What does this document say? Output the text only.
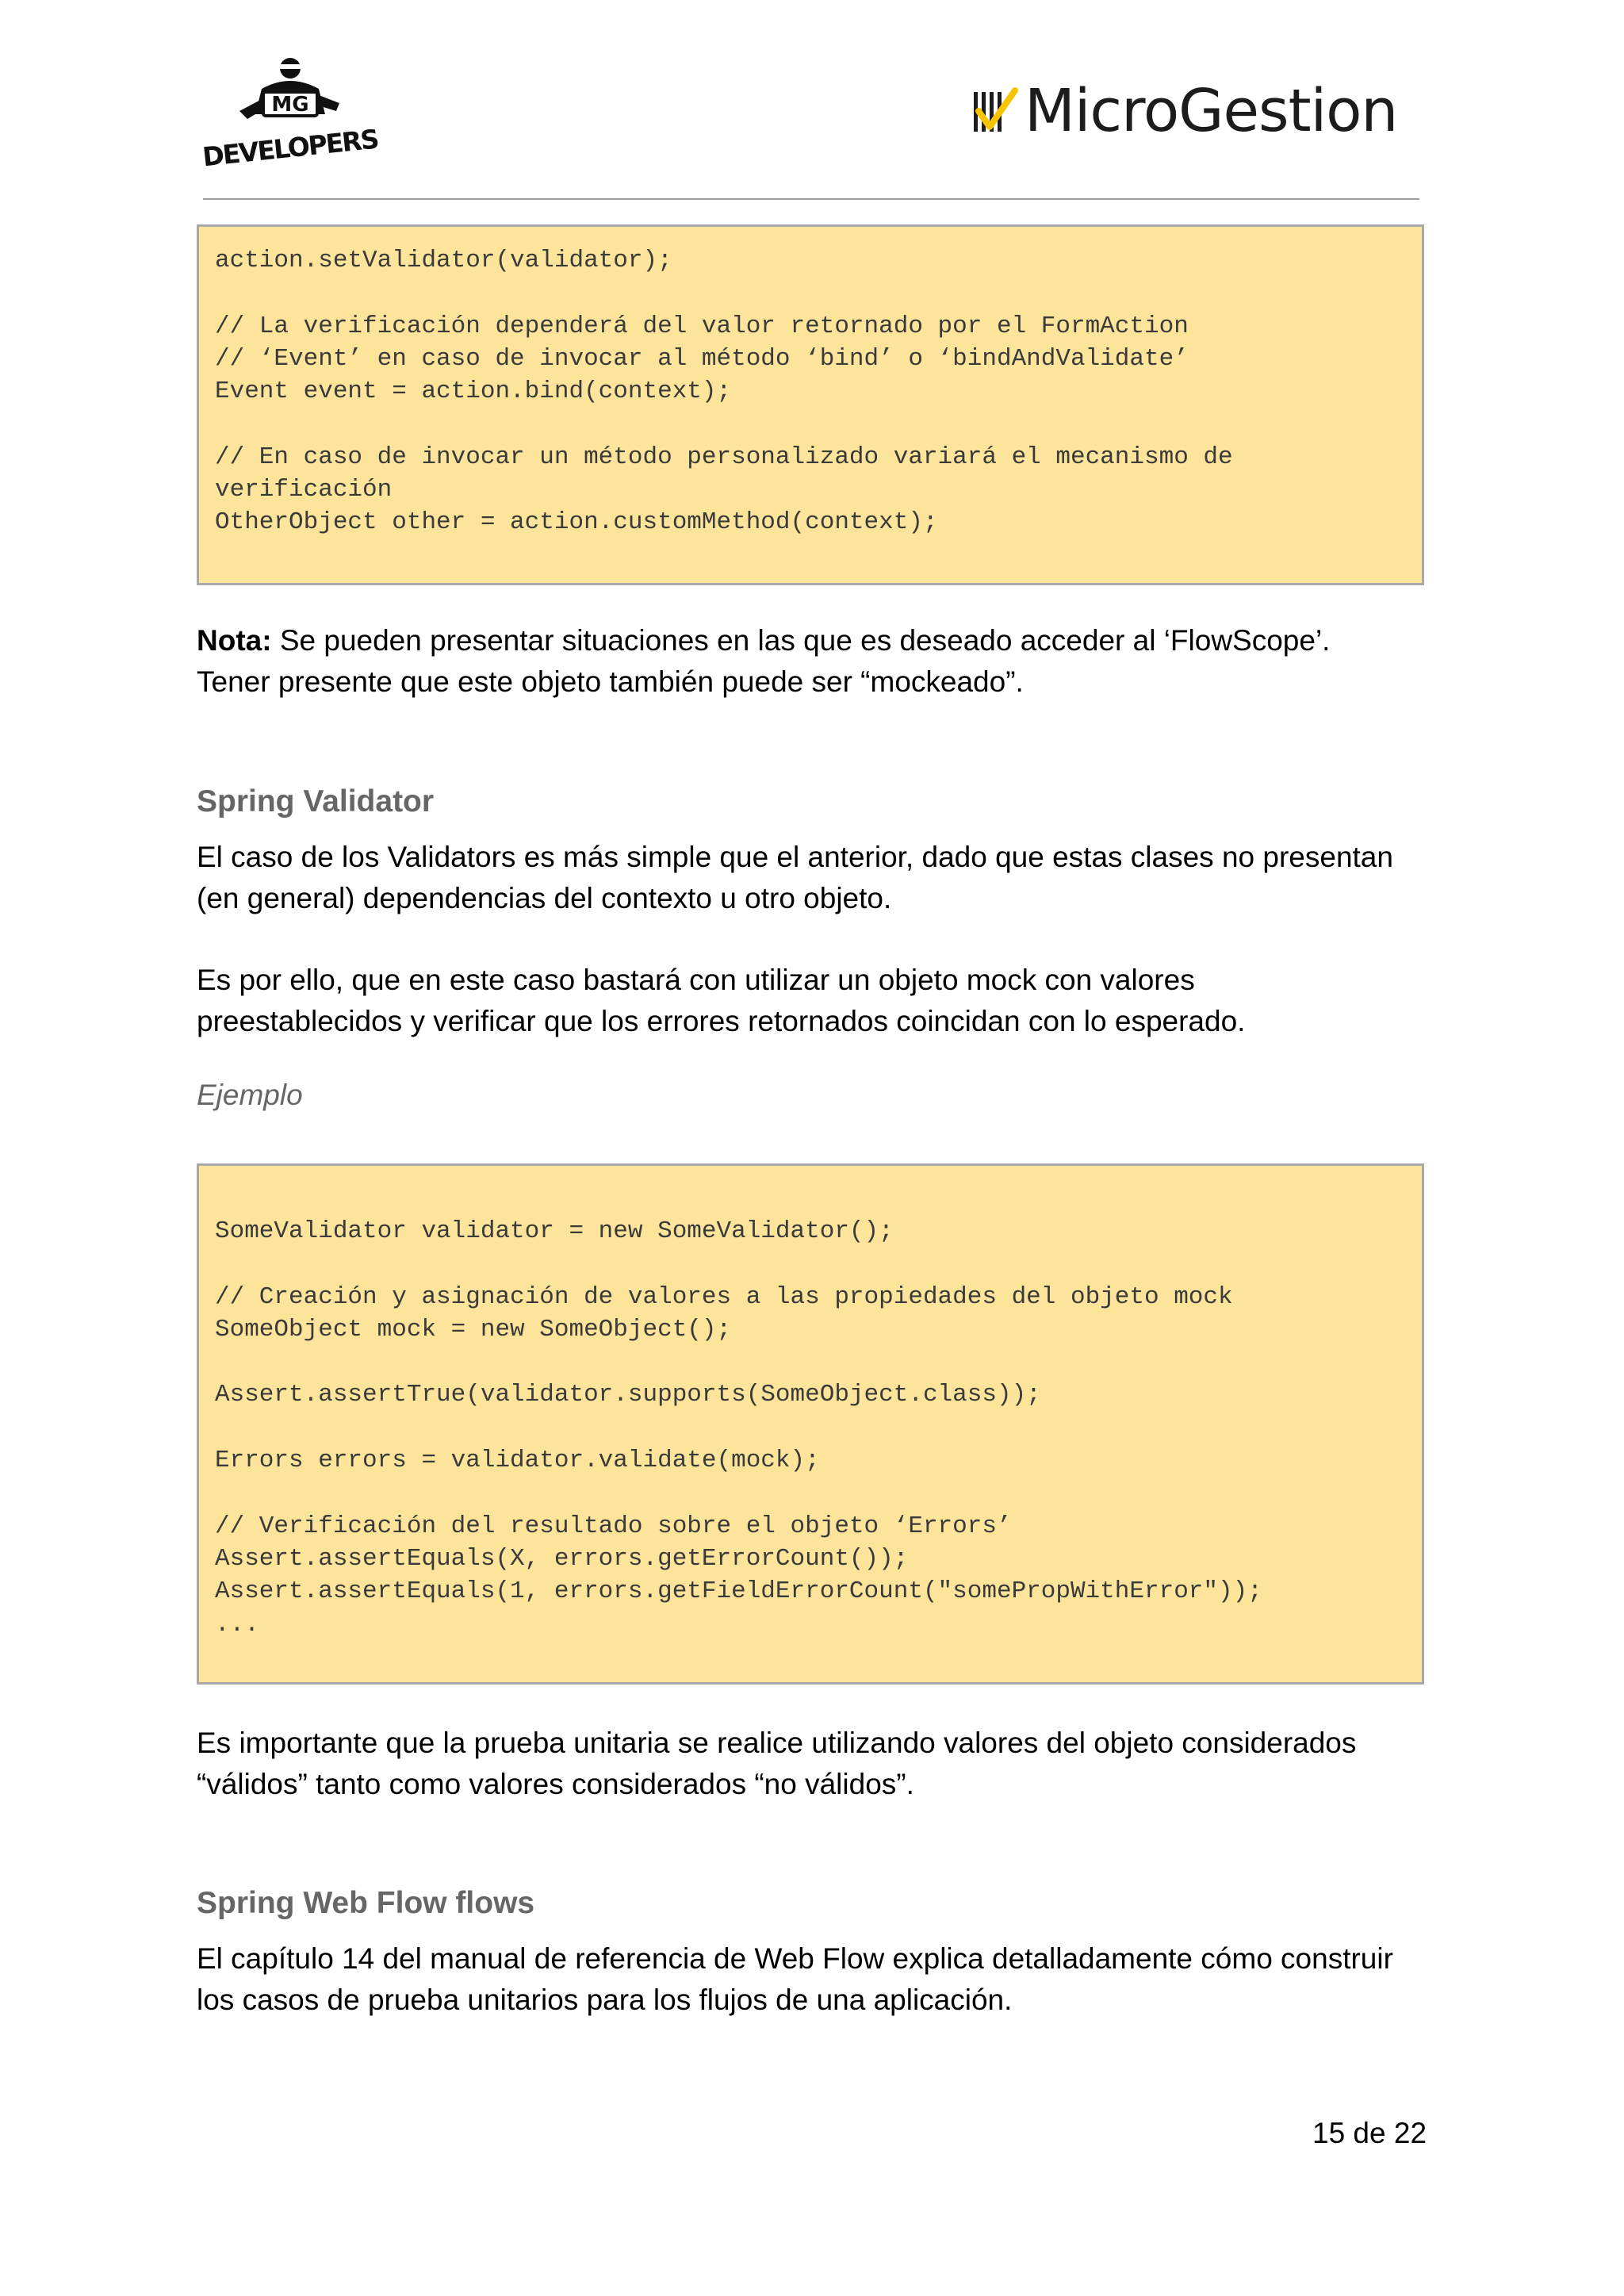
MG
DEVELOPERS
MicroGestion
action.setValidator(validator);
// La verificación dependerá del valor retornado por el FormAction
// ‘Event’ en caso de invocar al método ‘bind’ o ‘bindAndValidate’
Event event = action.bind(context);
// En caso de invocar un método personalizado variará el mecanismo de
verificación
OtherObject other = action.customMethod(context);
Nota: Se pueden presentar situaciones en las que es deseado acceder al ‘FlowScope’.
Tener presente que este objeto también puede ser “mockeado”.
Spring Validator
El caso de los Validators es más simple que el anterior, dado que estas clases no presentan
(en general) dependencias del contexto u otro objeto.
Es por ello, que en este caso bastará con utilizar un objeto mock con valores
preestablecidos y verificar que los errores retornados coincidan con lo esperado.
Ejemplo
SomeValidator validator = new SomeValidator();
// Creación y asignación de valores a las propiedades del objeto mock
SomeObject mock = new SomeObject();
Assert.assertTrue(validator.supports(SomeObject.class));
Errors errors = validator.validate(mock);
// Verificación del resultado sobre el objeto ‘Errors’
Assert.assertEquals(X, errors.getErrorCount());
Assert.assertEquals(1, errors.getFieldErrorCount("somePropWithError"));
...
Es importante que la prueba unitaria se realice utilizando valores del objeto considerados
“válidos” tanto como valores considerados “no válidos”.
Spring Web Flow flows
El capítulo 14 del manual de referencia de Web Flow explica detalladamente cómo construir
los casos de prueba unitarios para los flujos de una aplicación.
15 de 22
